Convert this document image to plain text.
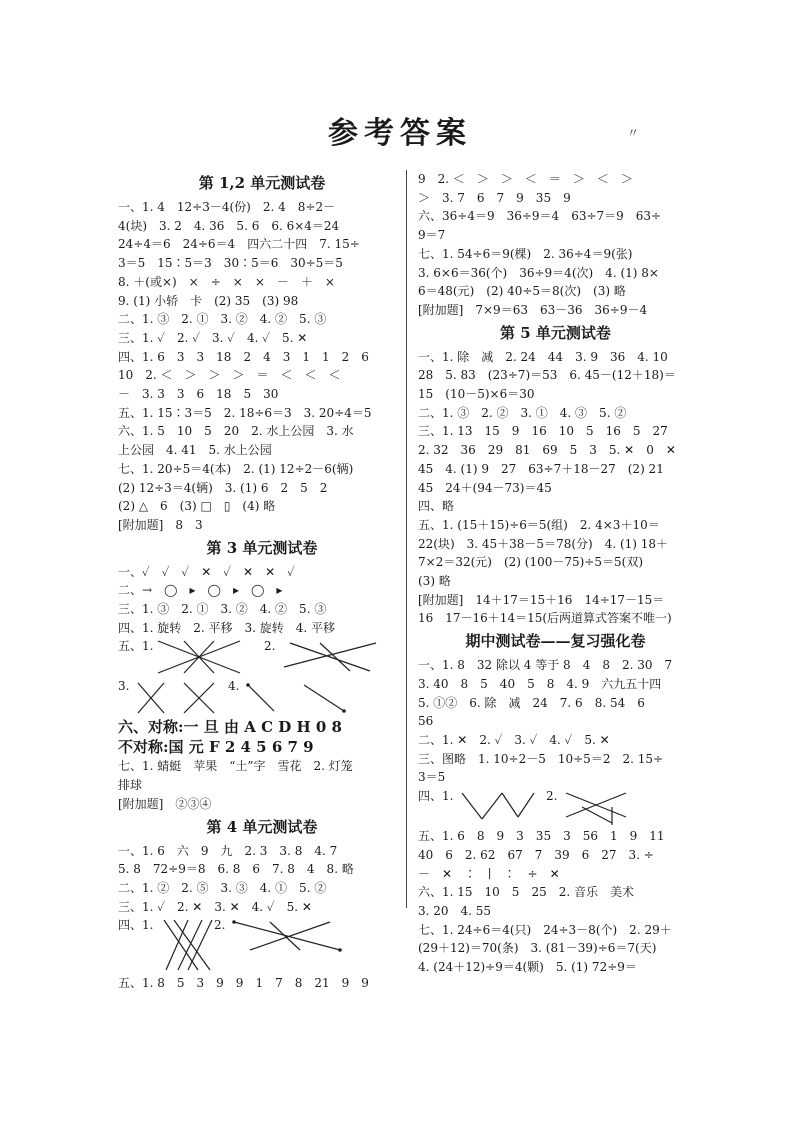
参考答案	〃
第 1,2 单元测试卷
一、1. 4　12÷3－4(份)　2. 4　8÷2－
4(块)　3. 2　4. 36　5. 6　6. 6×4＝24
24÷4＝6　24÷6＝4　四六二十四　7. 15÷
3＝5　15∶5＝3　30∶5＝6　30÷5＝5
8. ＋(或×)　×　÷　×　×　－　＋　×
9. (1) 小轿　卡　(2) 35　(3) 98
二、1. ③　2. ①　3. ②　4. ②　5. ③
三、1. ✓　2. ✓　3. ✓　4. ✓　5. ✕
四、1. 6　3　3　18　2　4　3　1　1　2　6
10　2. ＜　＞　＞　＞　＝　＜　＜　＜
－　3. 3　3　6　18　5　30
五、1. 15∶3＝5　2. 18÷6＝3　3. 20÷4＝5
六、1. 5　10　5　20　2. 水上公园　3. 水
上公园　4. 41　5. 水上公园
七、1. 20÷5＝4(本)　2. (1) 12÷2－6(辆)
(2) 12÷3＝4(辆)　3. (1) 6　2　5　2
(2) △　6　(3) □　▯　(4) 略
[附加题]　8　3
第 3 单元测试卷
一、✓　✓　✓　✕　✓　✕　✕　✓
二、→　◯　▸　◯　▸　◯　▸
三、1. ③　2. ①　3. ②　4. ②　5. ③
四、1. 旋转　2. 平移　3. 旋转　4. 平移
五、1.	2.
3.	4.
六、对称:一 旦 由 A C D H 0 8
不对称:国 元 F 2 4 5 6 7 9
七、1. 蜻蜓　苹果　“土”字　雪花　2. 灯笼
排球
[附加题]　②③④
第 4 单元测试卷
一、1. 6　六　9　九　2. 3　3. 8　4. 7
5. 8　72÷9＝8　6. 8　6　7. 8　4　8. 略
二、1. ②　2. ⑤　3. ③　4. ①　5. ②
三、1. ✓　2. ✕　3. ✕　4. ✓　5. ✕
四、1.	2.
五、1. 8　5　3　9　9　1　7　8　21　9　9
9　2. ＜　＞　＞　＜　＝　＞　＜　＞
＞　3. 7　6　7　9　35　9
六、36÷4＝9　36÷9＝4　63÷7＝9　63÷
9＝7
七、1. 54÷6＝9(棵)　2. 36÷4＝9(张)
3. 6×6＝36(个)　36÷9＝4(次)　4. (1) 8×
6＝48(元)　(2) 40÷5＝8(次)　(3) 略
[附加题]　7×9＝63　63－36　36÷9－4
第 5 单元测试卷
一、1. 除　减　2. 24　44　3. 9　36　4. 10
28　5. 83　(23÷7)＝53　6. 45－(12＋18)＝
15　(10－5)×6＝30
二、1. ③　2. ②　3. ①　4. ③　5. ②
三、1. 13　15　9　16　10　5　16　5　27
2. 32　36　29　81　69　5　3　5. ✕　0　✕
45　4. (1) 9　27　63÷7＋18－27　(2) 21
45　24＋(94－73)＝45
四、略
五、1. (15＋15)÷6＝5(组)　2. 4×3＋10＝
22(块)　3. 45＋38－5＝78(分)　4. (1) 18＋
7×2＝32(元)　(2) (100－75)÷5＝5(双)
(3) 略
[附加题]　14＋17＝15＋16　14÷17－15＝
16　17－16＋14＝15(后两道算式答案不唯一)
期中测试卷——复习强化卷
一、1. 8　32 除以 4 等于 8　4　8　2. 30　7
3. 40　8　5　40　5　8　4. 9　六九五十四
5. ①②　6. 除　减　24　7. 6　8. 54　6
56
二、1. ✕　2. ✓　3. ✓　4. ✓　5. ✕
三、图略　1. 10÷2－5　10÷5＝2　2. 15÷
3＝5
四、1.	2.
五、1. 6　8　9　3　35　3　56　1　9　11
40　6　2. 62　67　7　39　6　27　3. ÷
－　✕　∶　∣　∶　÷　✕
六、1. 15　10　5　25　2. 音乐　美术
3. 20　4. 55
七、1. 24÷6＝4(只)　24÷3－8(个)　2. 29＋
(29＋12)＝70(条)　3. (81－39)÷6＝7(天)
4. (24＋12)÷9＝4(颗)　5. (1) 72÷9＝
